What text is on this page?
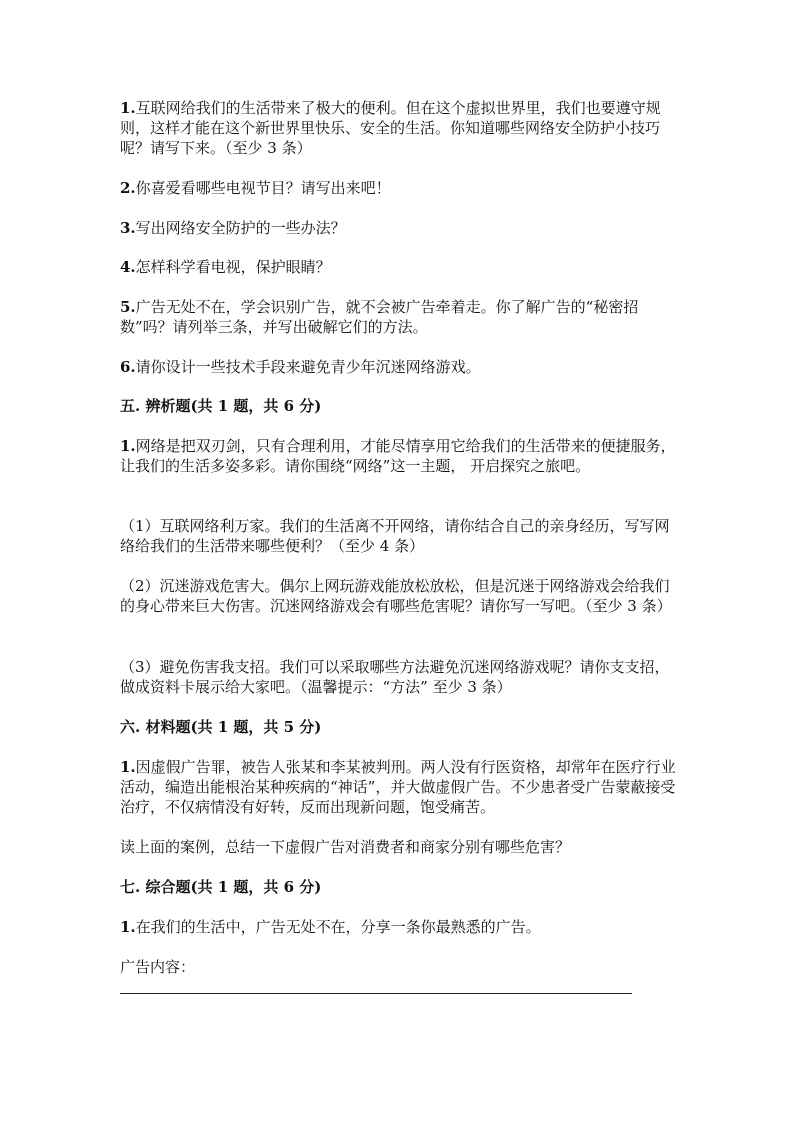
1.互联网给我们的生活带来了极大的便利。但在这个虚拟世界里，我们也要遵守规则，这样才能在这个新世界里快乐、安全的生活。你知道哪些网络安全防护小技巧呢？请写下来。（至少 3 条）

2.你喜爱看哪些电视节目？请写出来吧！

3.写出网络安全防护的一些办法？

4.怎样科学看电视，保护眼睛？

5.广告无处不在，学会识别广告，就不会被广告牵着走。你了解广告的“秘密招数”吗？请列举三条，并写出破解它们的方法。

6.请你设计一些技术手段来避免青少年沉迷网络游戏。

五. 辨析题(共 1 题，共 6 分)

1.网络是把双刃剑，只有合理利用，才能尽情享用它给我们的生活带来的便捷服务，让我们的生活多姿多彩。请你围绕“网络”这一主题， 开启探究之旅吧。

（1）互联网络利万家。我们的生活离不开网络，请你结合自己的亲身经历，写写网络给我们的生活带来哪些便利？（至少 4 条）

（2）沉迷游戏危害大。偶尔上网玩游戏能放松放松，但是沉迷于网络游戏会给我们的身心带来巨大伤害。沉迷网络游戏会有哪些危害呢？请你写一写吧。（至少 3 条）

（3）避免伤害我支招。我们可以采取哪些方法避免沉迷网络游戏呢？请你支支招，做成资料卡展示给大家吧。（温馨提示：“方法” 至少 3 条）

六. 材料题(共 1 题，共 5 分)

1.因虚假广告罪，被告人张某和李某被判刑。两人没有行医资格，却常年在医疗行业活动，编造出能根治某种疾病的“神话”，并大做虚假广告。不少患者受广告蒙蔽接受治疗，不仅病情没有好转，反而出现新问题，饱受痛苦。

读上面的案例，总结一下虚假广告对消费者和商家分别有哪些危害？

七. 综合题(共 1 题，共 6 分)

1.在我们的生活中，广告无处不在，分享一条你最熟悉的广告。

广告内容：
